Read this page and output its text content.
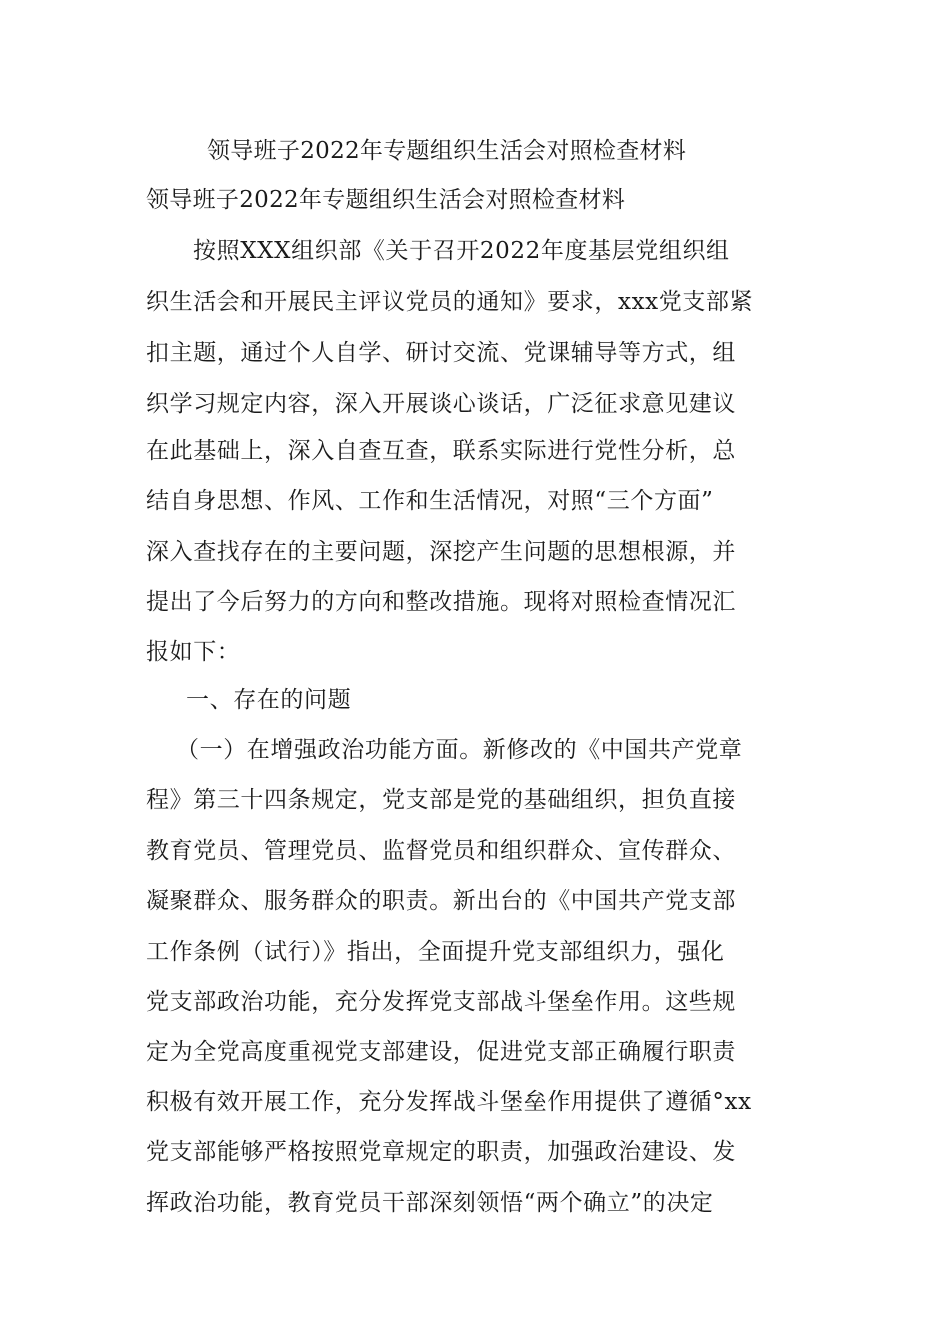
领导班子2022年专题组织生活会对照检查材料
领导班子2022年专题组织生活会对照检查材料
按照XXX组织部《关于召开2022年度基层党组织组
织生活会和开展民主评议党员的通知》要求，xxx党支部紧
扣主题，通过个人自学、研讨交流、党课辅导等方式，组
织学习规定内容，深入开展谈心谈话，广泛征求意见建议
在此基础上，深入自查互查，联系实际进行党性分析，总
结自身思想、作风、工作和生活情况，对照“三个方面”
深入查找存在的主要问题，深挖产生问题的思想根源，并
提出了今后努力的方向和整改措施。现将对照检查情况汇
报如下：
一、存在的问题
（一）在增强政治功能方面。新修改的《中国共产党章
程》第三十四条规定，党支部是党的基础组织，担负直接
教育党员、管理党员、监督党员和组织群众、宣传群众、
凝聚群众、服务群众的职责。新出台的《中国共产党支部
工作条例（试行）》指出，全面提升党支部组织力，强化
党支部政治功能，充分发挥党支部战斗堡垒作用。这些规
定为全党高度重视党支部建设，促进党支部正确履行职责
积极有效开展工作，充分发挥战斗堡垒作用提供了遵循°xx
党支部能够严格按照党章规定的职责，加强政治建设、发
挥政治功能，教育党员干部深刻领悟“两个确立”的决定
